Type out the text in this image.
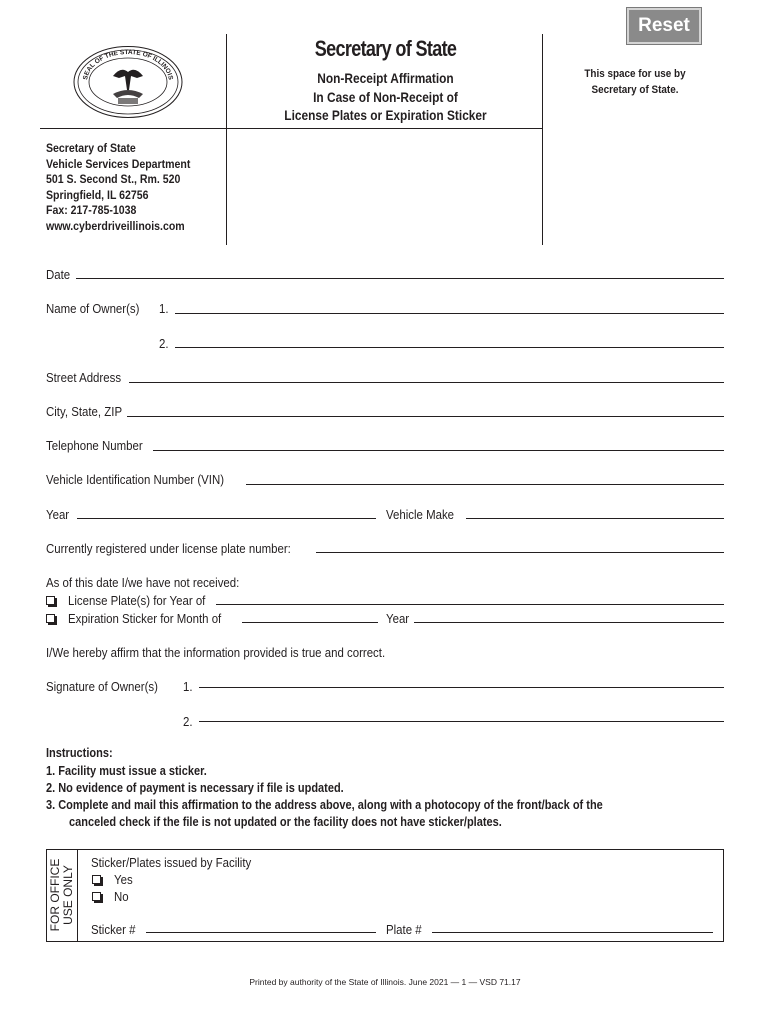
Reset
SEAL OF THE STATE OF ILLINOIS
Secretary of State
Non-Receipt Affirmation
In Case of Non-Receipt of
License Plates or Expiration Sticker
This space for use by
Secretary of State.
Secretary of State
Vehicle Services Department
501 S. Second St., Rm. 520
Springfield, IL 62756
Fax: 217-785-1038
www.cyberdriveillinois.com
Date
Name of Owner(s) 1.
2.
Street Address
City, State, ZIP
Telephone Number
Vehicle Identification Number (VIN)
Year	Vehicle Make
Currently registered under license plate number:
As of this date I/we have not received:
License Plate(s) for Year of
Expiration Sticker for Month of	Year
I/We hereby affirm that the information provided is true and correct.
Signature of Owner(s) 1.
2.
Instructions:
1. Facility must issue a sticker.
2. No evidence of payment is necessary if file is updated.
3. Complete and mail this affirmation to the address above, along with a photocopy of the front/back of the
canceled check if the file is not updated or the facility does not have sticker/plates.
FOR OFFICE USE ONLY
Sticker/Plates issued by Facility
Yes
No
Sticker #	Plate #
Printed by authority of the State of Illinois. June 2021 — 1 — VSD 71.17
